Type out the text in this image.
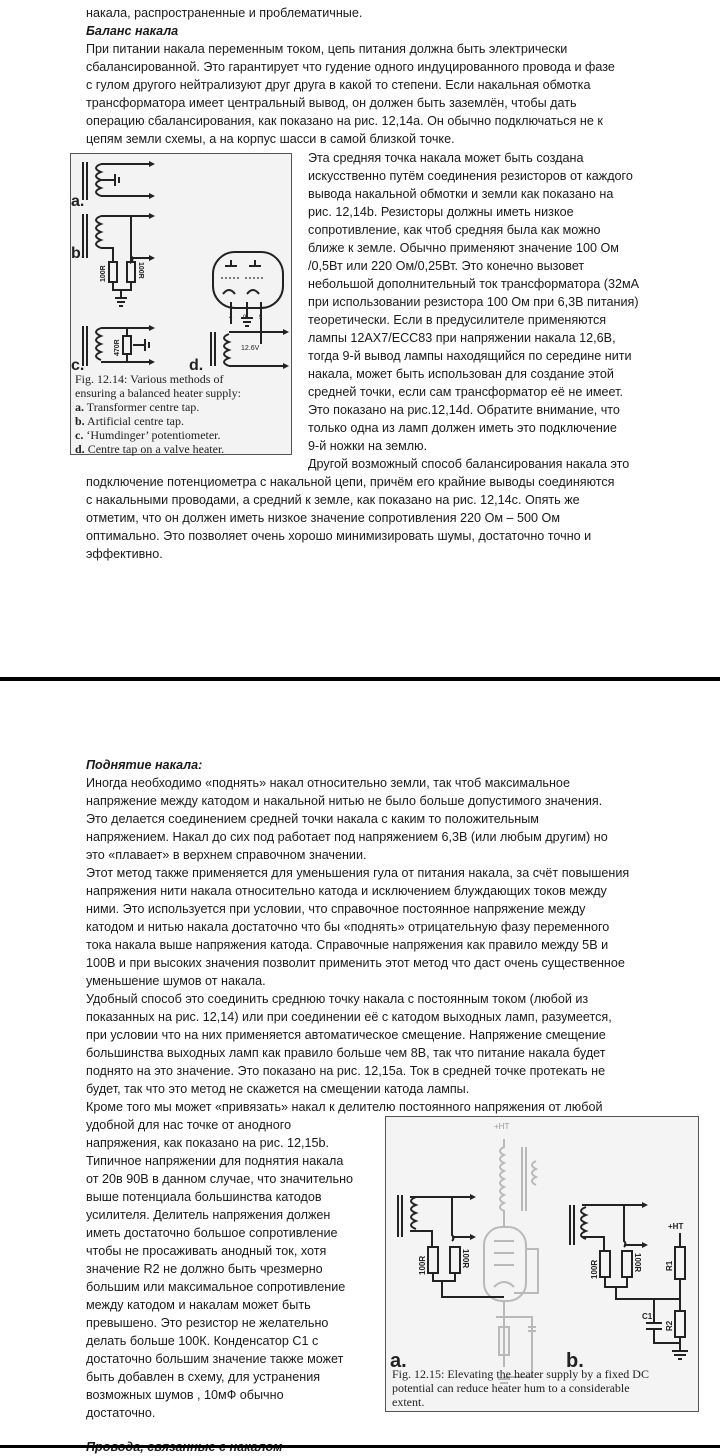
накала, распространенные и проблематичные.
Баланс накала
При питании накала переменным током, цепь питания должна быть электрически
сбалансированной. Это гарантирует что гудение одного индуцированного провода и фазе
с гулом другого нейтрализуют друг друга в какой то степени. Если накальная обмотка
трансформатора имеет центральный вывод, он должен быть заземлён, чтобы дать
операцию сбалансирования, как показано на рис. 12,14a. Он обычно подключаться не к
цепям земли схемы, а на корпус шасси в самой близкой точке.
Эта средняя точка накала может быть создана
искусственно путём соединения резисторов от каждого
вывода накальной обмотки и земли как показано на
рис. 12,14b. Резисторы должны иметь низкое
сопротивление, как чтоб средняя была как можно
ближе к земле. Обычно применяют значение 100 Ом
/0,5Вт или 220 Ом/0,25Вт. Это конечно вызовет
небольшой дополнительный ток трансформатора (32мА
при использовании резистора 100 Ом при 6,3В питания)
теоретически. Если в предусилителе применяются
лампы 12AX7/ECC83 при напряжении накала 12,6В,
тогда 9-й вывод лампы находящийся по середине нити
накала, может быть использован для создание этой
средней точки, если сам трансформатор её не имеет.
Это показано на рис.12,14d. Обратите внимание, что
только одна из ламп должен иметь это подключение
9-й ножки на землю.
Другой возможный способ балансирования накала это
подключение потенциометра с накальной цепи, причём его крайние выводы соединяются
с накальными проводами, а средний к земле, как показано на рис. 12,14c. Опять же
отметим, что он должен иметь низкое значение сопротивления 220 Ом – 500 Ом
оптимально. Это позволяет очень хорошо минимизировать шумы, достаточно точно и
эффективно.
a.
b.
c.	d.
12.6V
100R	100R
470R
4 9 5
Fig. 12.14: Various methods of
ensuring a balanced heater supply:
a. Transformer centre tap.
b. Artificial centre tap.
c. ‘Humdinger’ potentiometer.
d. Centre tap on a valve heater.
Поднятие накала:
Иногда необходимо «поднять» накал относительно земли, так чтоб максимальное
напряжение между катодом и накальной нитью не было больше допустимого значения.
Это делается соединением средней точки накала с каким то положительным
напряжением. Накал до сих под работает под напряжением 6,3В (или любым другим) но
это «плавает» в верхнем справочном значении.
Этот метод также применяется для уменьшения гула от питания накала, за счёт повышения
напряжения нити накала относительно катода и исключением блуждающих токов между
ними. Это используется при условии, что справочное постоянное напряжение между
катодом и нитью накала достаточно что бы «поднять» отрицательную фазу переменного
тока накала выше напряжения катода. Справочные напряжения как правило между 5В и
100В и при высоких значения позволит применить этот метод что даст очень существенное
уменьшение шумов от накала.
Удобный способ это соединить среднюю точку накала с постоянным током (любой из
показанных на рис. 12,14) или при соединении её с катодом выходных ламп, разумеется,
при условии что на них применяется автоматическое смещение. Напряжение смещение
большинства выходных ламп как правило больше чем 8В, так что питание накала будет
поднято на это значение. Это показано на рис. 12,15a. Ток в средней точке протекать не
будет, так что это метод не скажется на смещении катода лампы.
Кроме того мы может «привязать» накал к делителю постоянного напряжения от любой
удобной для нас точке от анодного
напряжения, как показано на рис. 12,15b.
Типичное напряжении для поднятия накала
от 20в 90В в данном случае, что значительно
выше потенциала большинства катодов
усилителя. Делитель напряжения должен
иметь достаточно большое сопротивление
чтобы не просаживать анодный ток, хотя
значение R2 не должно быть чрезмерно
большим или максимальное сопротивление
между катодом и накалам может быть
превышено. Это резистор не желательно
делать больше 100К. Конденсатор С1 с
достаточно большим значение также может
быть добавлен в схему, для устранения
возможных шумов , 10мФ обычно
достаточно.
a.	b.
+HT
+HT
C1
100R	100R
100R	100R	R1
R2
Fig. 12.15: Elevating the heater supply by a fixed DC
potential can reduce heater hum to a considerable
extent.
